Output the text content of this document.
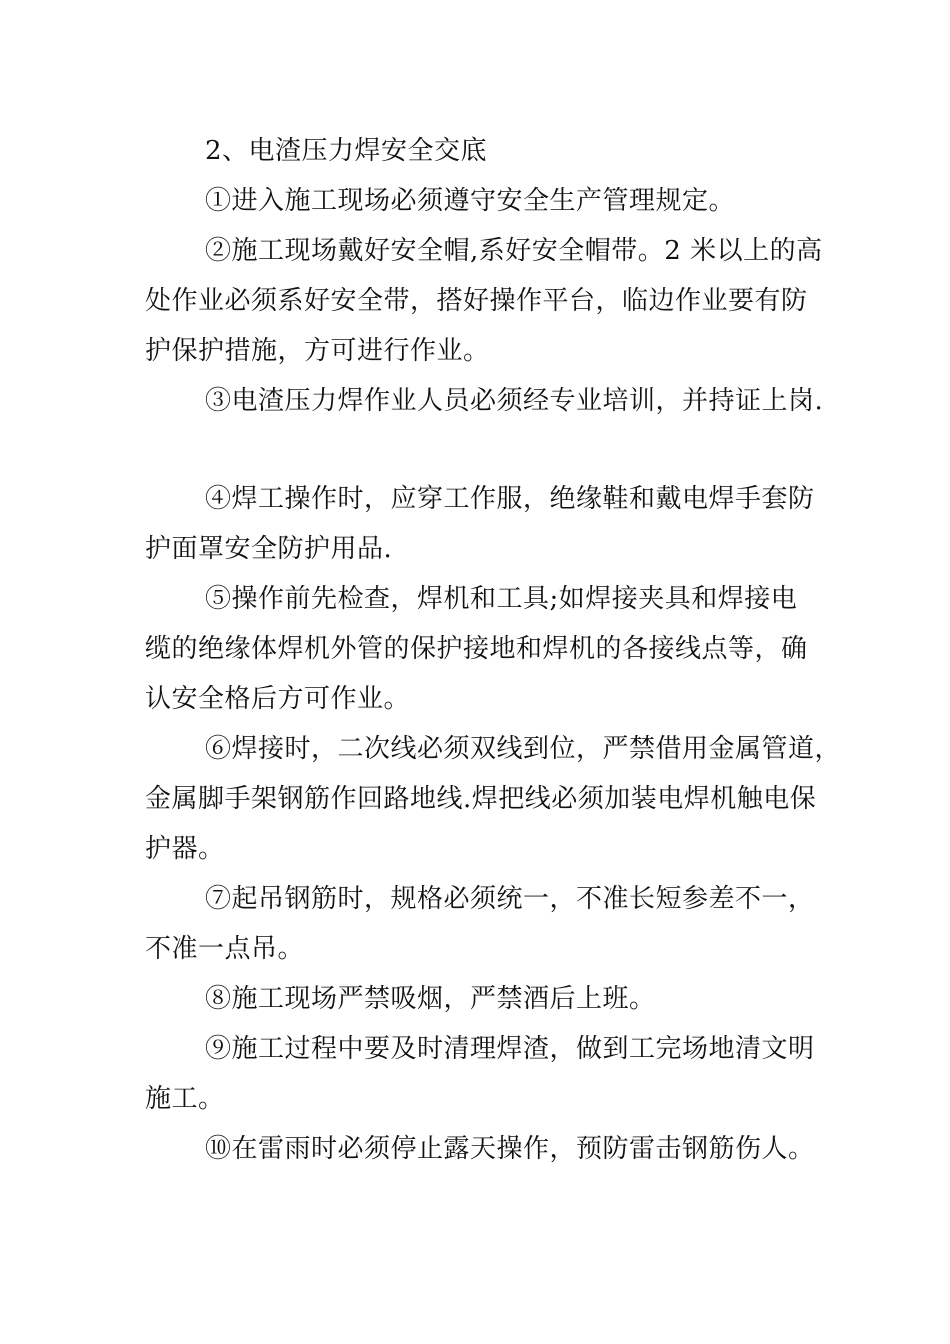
2、电渣压力焊安全交底
①进入施工现场必须遵守安全生产管理规定。
②施工现场戴好安全帽,系好安全帽带。2 米以上的高
处作业必须系好安全带，搭好操作平台，临边作业要有防
护保护措施，方可进行作业。
③电渣压力焊作业人员必须经专业培训，并持证上岗.
④焊工操作时，应穿工作服，绝缘鞋和戴电焊手套防
护面罩安全防护用品.
⑤操作前先检查，焊机和工具;如焊接夹具和焊接电
缆的绝缘体焊机外管的保护接地和焊机的各接线点等，确
认安全格后方可作业。
⑥焊接时，二次线必须双线到位，严禁借用金属管道，
金属脚手架钢筋作回路地线.焊把线必须加装电焊机触电保
护器。
⑦起吊钢筋时，规格必须统一，不准长短参差不一，
不准一点吊。
⑧施工现场严禁吸烟，严禁酒后上班。
⑨施工过程中要及时清理焊渣，做到工完场地清文明
施工。
⑩在雷雨时必须停止露天操作，预防雷击钢筋伤人。
